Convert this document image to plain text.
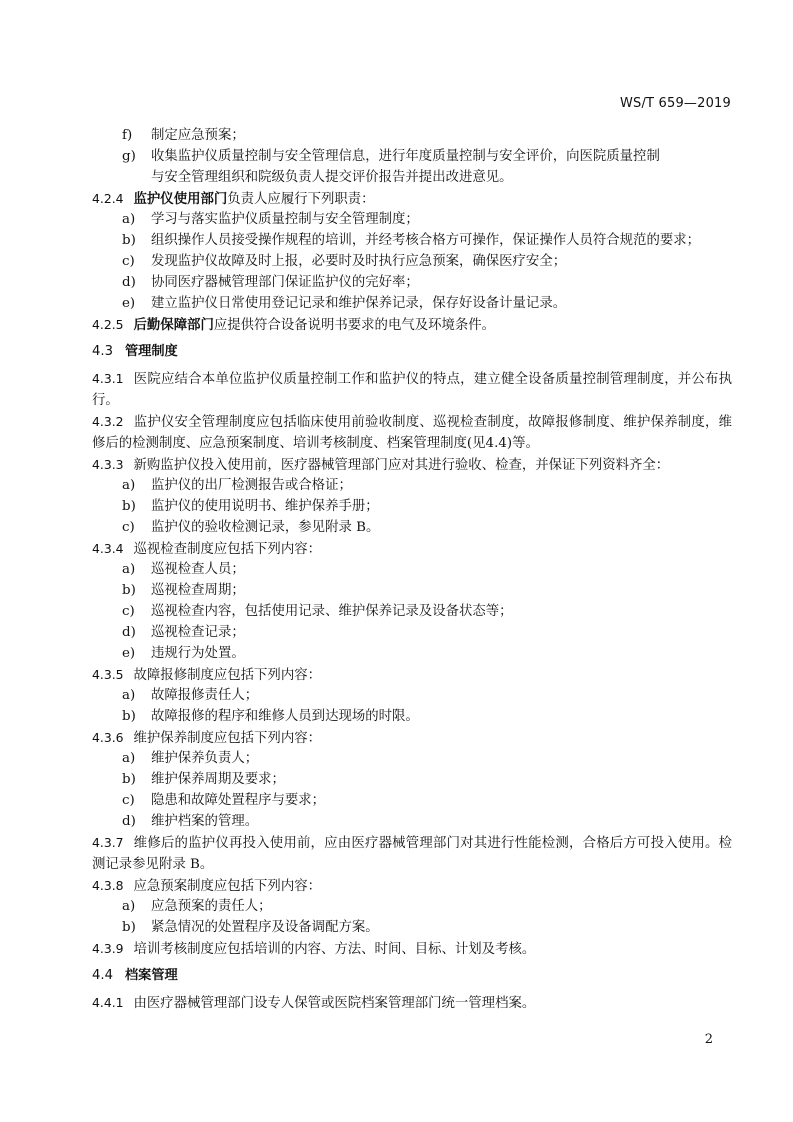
WS/T 659—2019
f) 制定应急预案；
g) 收集监护仪质量控制与安全管理信息，进行年度质量控制与安全评价，向医院质量控制
与安全管理组织和院级负责人提交评价报告并提出改进意见。
4.2.4 监护仪使用部门负责人应履行下列职责：
a) 学习与落实监护仪质量控制与安全管理制度；
b) 组织操作人员接受操作规程的培训，并经考核合格方可操作，保证操作人员符合规范的要求；
c) 发现监护仪故障及时上报，必要时及时执行应急预案，确保医疗安全；
d) 协同医疗器械管理部门保证监护仪的完好率；
e) 建立监护仪日常使用登记记录和维护保养记录，保存好设备计量记录。
4.2.5 后勤保障部门应提供符合设备说明书要求的电气及环境条件。
4.3 管理制度
4.3.1 医院应结合本单位监护仪质量控制工作和监护仪的特点，建立健全设备质量控制管理制度，并公布执行。
4.3.2 监护仪安全管理制度应包括临床使用前验收制度、巡视检查制度，故障报修制度、维护保养制度，维修后的检测制度、应急预案制度、培训考核制度、档案管理制度(见4.4)等。
4.3.3 新购监护仪投入使用前，医疗器械管理部门应对其进行验收、检查，并保证下列资料齐全：
a) 监护仪的出厂检测报告或合格证；
b) 监护仪的使用说明书、维护保养手册；
c) 监护仪的验收检测记录，参见附录 B。
4.3.4 巡视检查制度应包括下列内容：
a) 巡视检查人员；
b) 巡视检查周期；
c) 巡视检查内容，包括使用记录、维护保养记录及设备状态等；
d) 巡视检查记录；
e) 违规行为处置。
4.3.5 故障报修制度应包括下列内容：
a) 故障报修责任人；
b) 故障报修的程序和维修人员到达现场的时限。
4.3.6 维护保养制度应包括下列内容：
a) 维护保养负责人；
b) 维护保养周期及要求；
c) 隐患和故障处置程序与要求；
d) 维护档案的管理。
4.3.7 维修后的监护仪再投入使用前，应由医疗器械管理部门对其进行性能检测，合格后方可投入使用。检测记录参见附录 B。
4.3.8 应急预案制度应包括下列内容：
a) 应急预案的责任人；
b) 紧急情况的处置程序及设备调配方案。
4.3.9 培训考核制度应包括培训的内容、方法、时间、目标、计划及考核。
4.4 档案管理
4.4.1 由医疗器械管理部门设专人保管或医院档案管理部门统一管理档案。
2
